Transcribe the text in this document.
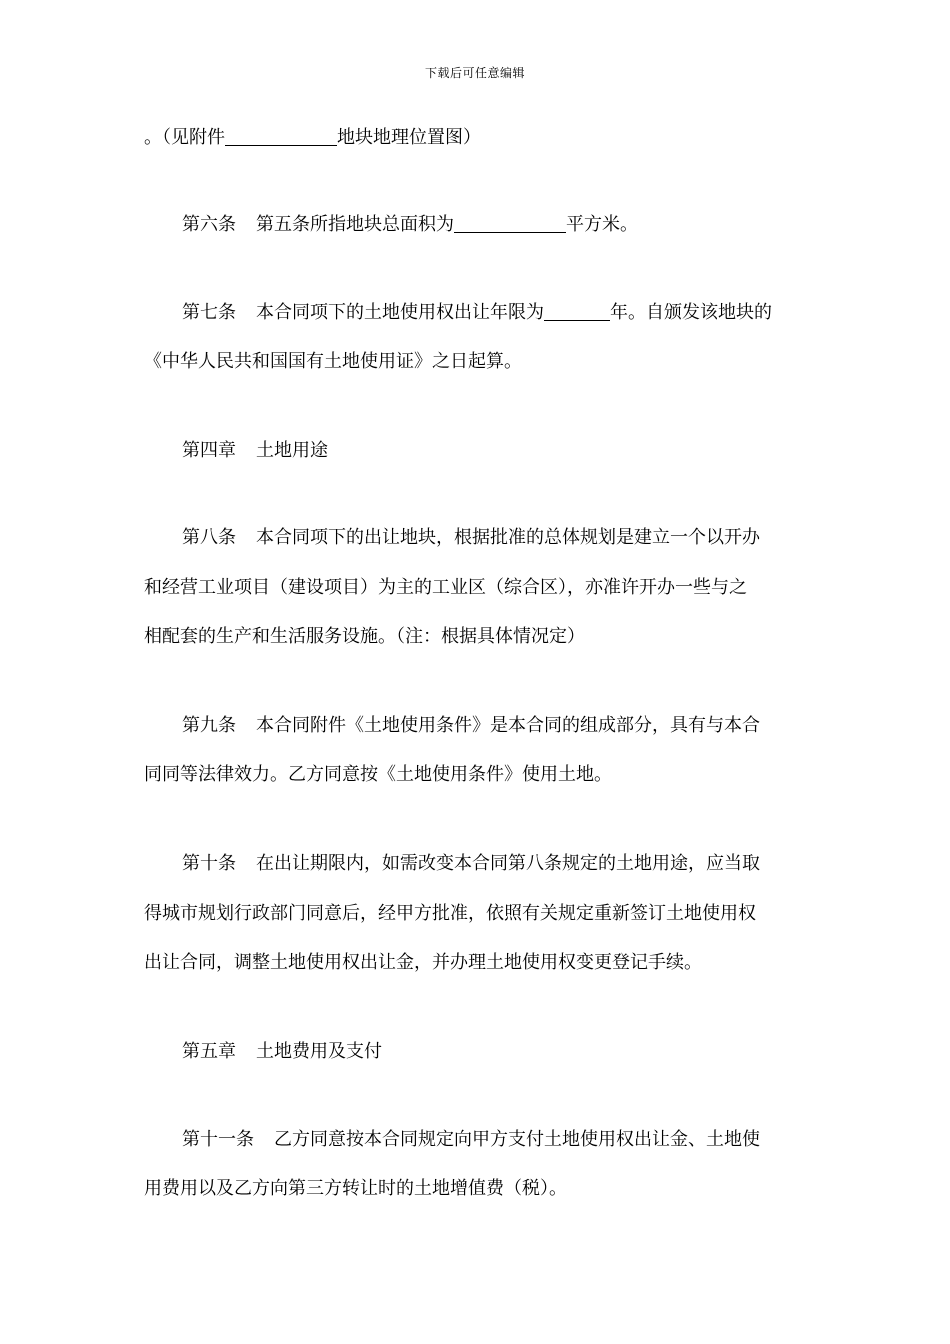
下载后可任意编辑
。（见附件	地块地理位置图）
第六条 第五条所指地块总面积为	平方米。
第七条 本合同项下的土地使用权出让年限为	年。自颁发该地块的
《中华人民共和国国有土地使用证》之日起算。
第四章 土地用途
第八条 本合同项下的出让地块，根据批准的总体规划是建立一个以开办
和经营工业项目（建设项目）为主的工业区（综合区），亦准许开办一些与之
相配套的生产和生活服务设施。（注：根据具体情况定）
第九条 本合同附件《土地使用条件》是本合同的组成部分，具有与本合
同同等法律效力。乙方同意按《土地使用条件》使用土地。
第十条 在出让期限内，如需改变本合同第八条规定的土地用途，应当取
得城市规划行政部门同意后，经甲方批准，依照有关规定重新签订土地使用权
出让合同，调整土地使用权出让金，并办理土地使用权变更登记手续。
第五章 土地费用及支付
第十一条 乙方同意按本合同规定向甲方支付土地使用权出让金、土地使
用费用以及乙方向第三方转让时的土地增值费（税）。
